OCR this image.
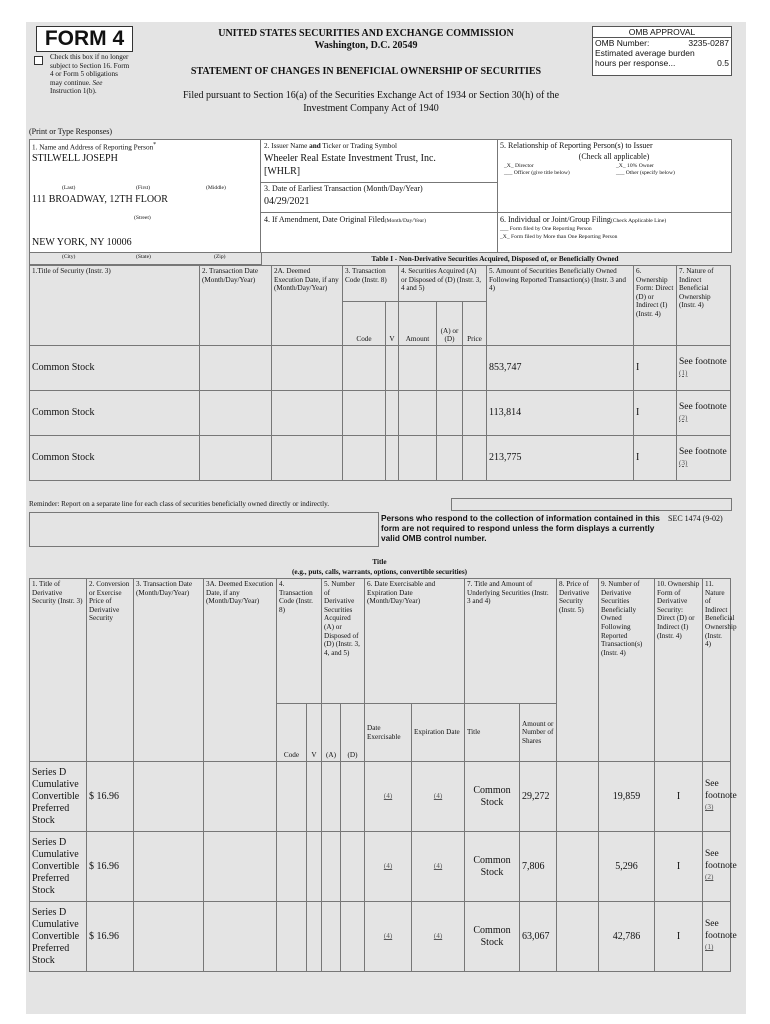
FORM 4
Check this box if no longer subject to Section 16. Form 4 or Form 5 obligations may continue. See Instruction 1(b).
UNITED STATES SECURITIES AND EXCHANGE COMMISSION
Washington, D.C. 20549
STATEMENT OF CHANGES IN BENEFICIAL OWNERSHIP OF SECURITIES
Filed pursuant to Section 16(a) of the Securities Exchange Act of 1934 or Section 30(h) of the
Investment Company Act of 1940
OMB APPROVAL
OMB Number:	3235-0287
Estimated average burden
hours per response...	0.5
(Print or Type Responses)
1. Name and Address of Reporting Person*
STILWELL JOSEPH
(Last)	(First)	(Middle)
111 BROADWAY, 12TH FLOOR
(Street)
NEW YORK, NY 10006
(City)	(State)	(Zip)
2. Issuer Name and Ticker or Trading Symbol
Wheeler Real Estate Investment Trust, Inc.
[WHLR]
3. Date of Earliest Transaction (Month/Day/Year)
04/29/2021
4. If Amendment, Date Original Filed(Month/Day/Year)
5. Relationship of Reporting Person(s) to Issuer
(Check all applicable)
_X_ Director	_X_ 10% Owner
___ Officer (give title below)	___ Other (specify below)
6. Individual or Joint/Group Filing(Check Applicable Line)
___ Form filed by One Reporting Person
_X_ Form filed by More than One Reporting Person
Table I - Non-Derivative Securities Acquired, Disposed of, or Beneficially Owned
1.Title of Security (Instr. 3)	2. Transaction Date (Month/Day/Year)	2A. Deemed Execution Date, if any (Month/Day/Year)	3. Transaction Code (Instr. 8)		4. Securities Acquired (A) or Disposed of (D) (Instr. 3, 4 and 5)			5. Amount of Securities Beneficially Owned Following Reported Transaction(s) (Instr. 3 and 4)	6. Ownership Form: Direct (D) or Indirect (I) (Instr. 4)	7. Nature of Indirect Beneficial Ownership (Instr. 4)
			Code	V	Amount	(A) or (D)	Price			
Common Stock								853,747	I	See footnote
(1)
Common Stock								113,814	I	See footnote
(2)
Common Stock								213,775	I	See footnote
(3)
Reminder: Report on a separate line for each class of securities beneficially owned directly or indirectly.
Persons who respond to the collection of information contained in this form are not required to respond unless the form displays a currently valid OMB control number.
SEC 1474 (9-02)
Title
(e.g., puts, calls, warrants, options, convertible securities)
1. Title of Derivative Security (Instr. 3)	2. Conversion or Exercise Price of Derivative Security	3. Transaction Date (Month/Day/Year)	3A. Deemed Execution Date, if any (Month/Day/Year)	4. Transaction Code (Instr. 8)		5. Number of Derivative Securities Acquired (A) or Disposed of (D) (Instr. 3, 4, and 5)		6. Date Exercisable and Expiration Date (Month/Day/Year)		7. Title and Amount of Underlying Securities (Instr. 3 and 4)		8. Price of Derivative Security (Instr. 5)	9. Number of Derivative Securities Beneficially Owned Following Reported Transaction(s) (Instr. 4)	10. Ownership Form of Derivative Security: Direct (D) or Indirect (I) (Instr. 4)	11. Nature of Indirect Beneficial Ownership (Instr. 4)
				Code	V	(A)	(D)	Date Exercisable	Expiration Date	Title	Amount or Number of Shares				
Series D Cumulative Convertible Preferred Stock	$ 16.96							(4)	(4)	Common Stock	29,272		19,859	I	See footnote
(3)
Series D Cumulative Convertible Preferred Stock	$ 16.96							(4)	(4)	Common Stock	7,806		5,296	I	See footnote
(2)
Series D Cumulative Convertible Preferred Stock	$ 16.96							(4)	(4)	Common Stock	63,067		42,786	I	See footnote
(1)
